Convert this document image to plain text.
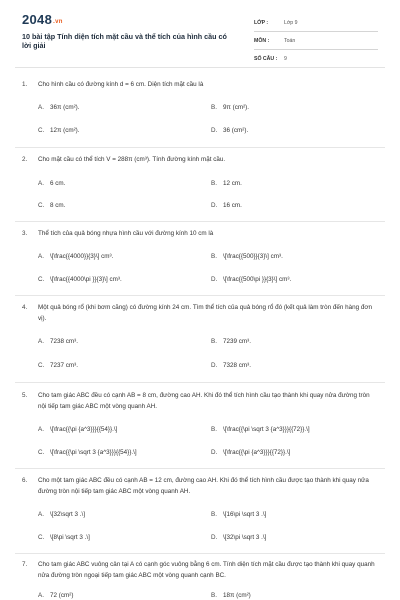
2048.vn
10 bài tập Tính diện tích mặt cầu và thể tích của hình cầu có lời giải
LỚP :	Lớp 9
MÔN :	Toán
SỐ CÂU :	9
1. Cho hình cầu có đường kính d = 6 cm. Diện tích mặt cầu là
A. 36π (cm²).	B. 9π (cm²).
C. 12π (cm²).	D. 36 (cm²).
2. Cho mặt cầu có thể tích V = 288π (cm³). Tính đường kính mặt cầu.
A. 6 cm.	B. 12 cm.
C. 8 cm.	D. 16 cm.
3. Thể tích của quả bóng nhựa hình cầu với đường kính 10 cm là
A. \[\frac{{4000}}{3}\] cm³.	B. \[\frac{{500}}{3}\] cm³.
C. \[\frac{{4000\pi }}{3}\] cm³.	D. \[\frac{{500\pi }}{3}\] cm³.
4. Một quả bóng rổ (khi bơm căng) có đường kính 24 cm. Tìm thể tích của quả bóng rổ đó (kết quả làm tròn đến hàng đơn vị).
A. 7238 cm³.	B. 7239 cm³.
C. 7237 cm³.	D. 7328 cm³.
5. Cho tam giác ABC đều có cạnh AB = 8 cm, đường cao AH. Khi đó thể tích hình cầu tạo thành khi quay nửa đường tròn nội tiếp tam giác ABC một vòng quanh AH.
A. \[\frac{{\pi {a^3}}}{{54}}.\]	B. \[\frac{{\pi \sqrt 3 {a^3}}}{{72}}.\]
C. \[\frac{{\pi \sqrt 3 {a^3}}}{{54}}.\]	D. \[\frac{{\pi {a^3}}}{{72}}.\]
6. Cho một tam giác ABC đều có cạnh AB = 12 cm, đường cao AH. Khi đó thể tích hình cầu được tạo thành khi quay nửa đường tròn nội tiếp tam giác ABC một vòng quanh AH.
A. \[32\sqrt 3 .\]	B. \[16\pi \sqrt 3 .\]
C. \[8\pi \sqrt 3 .\]	D. \[32\pi \sqrt 3 .\]
7. Cho tam giác ABC vuông cân tại A có cạnh góc vuông bằng 6 cm. Tính diện tích mặt cầu được tạo thành khi quay quanh nửa đường tròn ngoại tiếp tam giác ABC một vòng quanh cạnh BC.
A. 72 (cm²)	B. 18π (cm²)
